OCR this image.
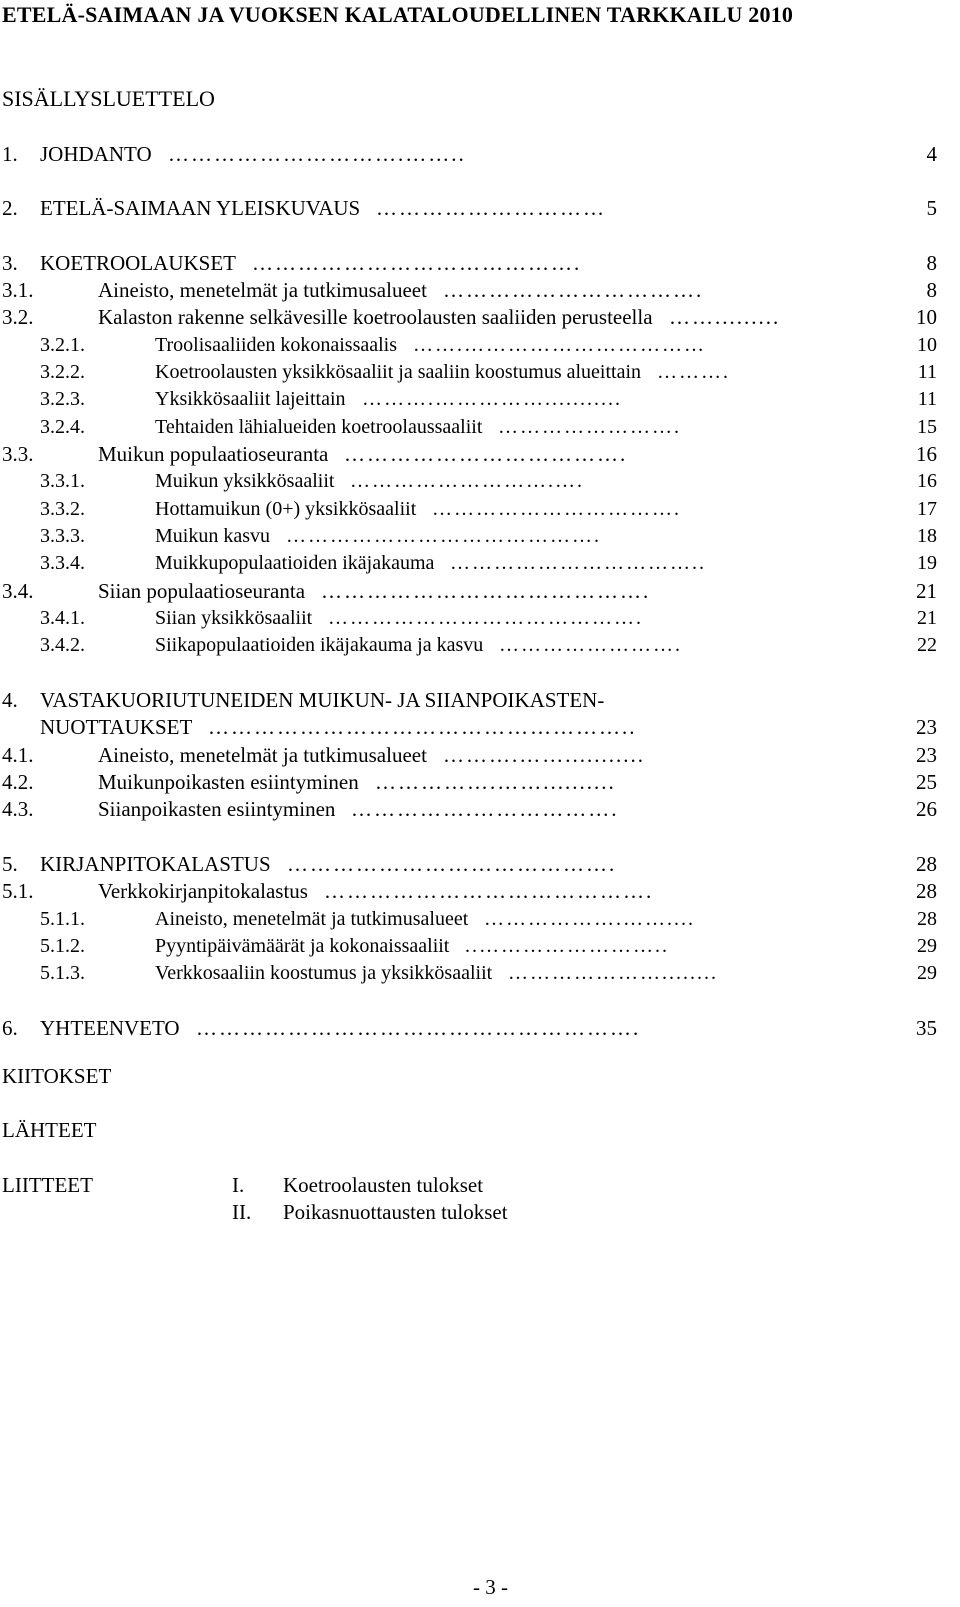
ETELÄ-SAIMAAN JA VUOKSEN KALATALOUDELLINEN TARKKAILU 2010
SISÄLLYSLUETTELO
1. JOHDANTO ………………………….……..	4
2. ETELÄ-SAIMAAN YLEISKUVAUS …………………………	5
3. KOETROOLAUKSET …………………………………….	8
3.1.	Aineisto, menetelmät ja tutkimusalueet …………………………….	8
3.2.	Kalaston rakenne selkävesille koetroolausten saaliiden perusteella …….........	10
3.2.1.	Troolisaaliiden kokonaissaalis …….……………………………	10
3.2.2.	Koetroolausten yksikkösaaliit ja saaliin koostumus alueittain ……….	11
3.2.3.	Yksikkösaaliit lajeittain ……….……………...........	11
3.2.4.	Tehtaiden lähialueiden koetroolaussaaliit …………………….	15
3.3.	Muikun populaatioseuranta ……………………………….	16
3.3.1.	Muikun yksikkösaaliit ……………………….….	16
3.3.2.	Hottamuikun (0+) yksikkösaaliit …………………………….	17
3.3.3.	Muikun kasvu …………………………………….	18
3.3.4.	Muikkupopulaatioiden ikäjakauma ……………………………..	19
3.4.	Siian populaatioseuranta …………………………………….	21
3.4.1.	Siian yksikkösaaliit …………………………………….	21
3.4.2.	Siikapopulaatioiden ikäjakauma ja kasvu …………………….	22
4. VASTAKUORIUTUNEIDEN MUIKUN- JA SIIANPOIKASTEN-
NUOTTAUKSET ………………………………………………..	23
4.1.	Aineisto, menetelmät ja tutkimusalueet ……….……...........	23
4.2.	Muikunpoikasten esiintyminen …………….……..........	25
4.3.	Siianpoikasten esiintyminen …………….……………….	26
5. KIRJANPITOKALASTUS …………………………………….	28
5.1.	Verkkokirjanpitokalastus …………………………………….	28
5.1.1.	Aineisto, menetelmät ja tutkimusalueet ……………….……....	28
5.1.2.	Pyyntipäivämäärät ja kokonaissaaliit ..……………………..	29
5.1.3.	Verkkosaaliin koostumus ja yksikkösaaliit …………………........	29
6. YHTEENVETO ………………………………………………….	35
KIITOKSET
LÄHTEET
LIITTEET	I. Koetroolausten tulokset
II. Poikasnuottausten tulokset
- 3 -
